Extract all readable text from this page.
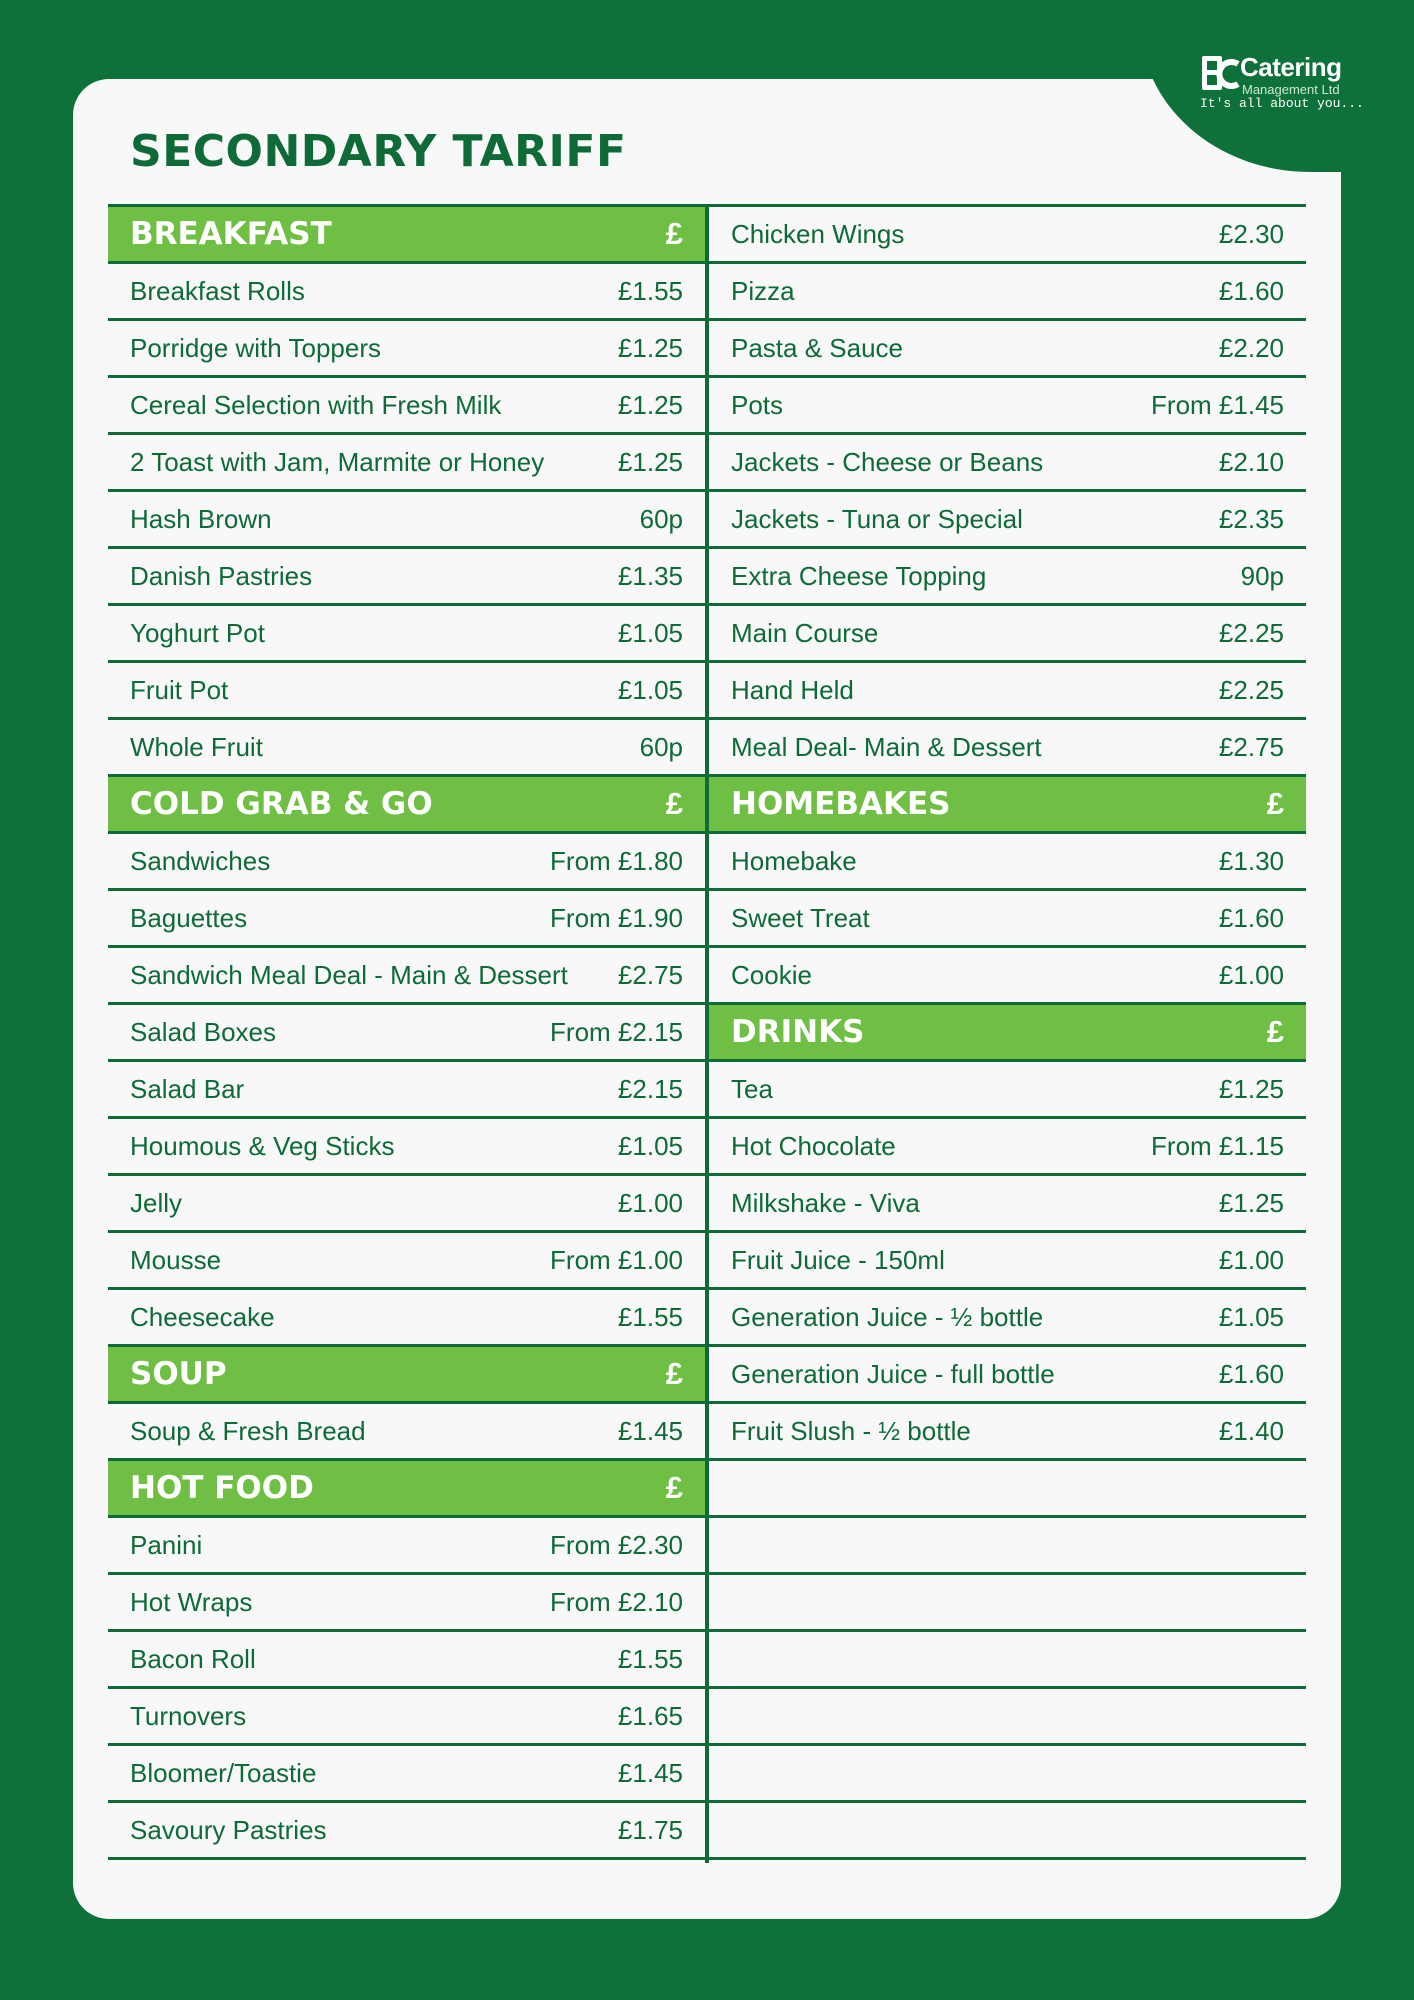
Catering
Management Ltd
It's all about you...
SECONDARY TARIFF
BREAKFAST	£
Breakfast Rolls	£1.55
Porridge with Toppers	£1.25
Cereal Selection with Fresh Milk	£1.25
2 Toast with Jam, Marmite or Honey	£1.25
Hash Brown	60p
Danish Pastries	£1.35
Yoghurt Pot	£1.05
Fruit Pot	£1.05
Whole Fruit	60p
COLD GRAB & GO	£
Sandwiches	From £1.80
Baguettes	From £1.90
Sandwich Meal Deal - Main & Dessert £2.75
Salad Boxes	From £2.15
Salad Bar	£2.15
Houmous & Veg Sticks	£1.05
Jelly	£1.00
Mousse	From £1.00
Cheesecake	£1.55
SOUP	£
Soup & Fresh Bread	£1.45
HOT FOOD	£
Panini	From £2.30
Hot Wraps	From £2.10
Bacon Roll	£1.55
Turnovers	£1.65
Bloomer/Toastie	£1.45
Savoury Pastries	£1.75
Chicken Wings	£2.30
Pizza	£1.60
Pasta & Sauce	£2.20
Pots	From £1.45
Jackets - Cheese or Beans	£2.10
Jackets - Tuna or Special	£2.35
Extra Cheese Topping	90p
Main Course	£2.25
Hand Held	£2.25
Meal Deal- Main & Dessert	£2.75
HOMEBAKES	£
Homebake	£1.30
Sweet Treat	£1.60
Cookie	£1.00
DRINKS	£
Tea	£1.25
Hot Chocolate	From £1.15
Milkshake - Viva	£1.25
Fruit Juice - 150ml	£1.00
Generation Juice - ½ bottle	£1.05
Generation Juice - full bottle	£1.60
Fruit Slush - ½ bottle	£1.40
